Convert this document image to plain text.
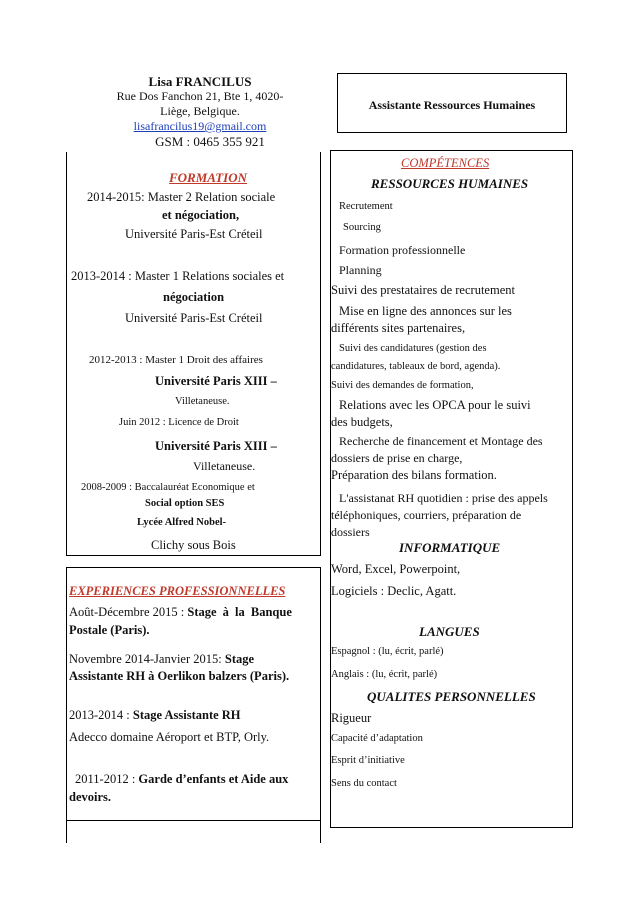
Lisa FRANCILUS
Rue Dos Fanchon 21, Bte 1, 4020-
Liège, Belgique.
lisafrancilus19@gmail.com
GSM : 0465 355 921
Assistante Ressources Humaines
FORMATION
2014-2015: Master 2 Relation sociale
et négociation,
Université Paris-Est Créteil
2013-2014 : Master 1 Relations sociales et
négociation
Université Paris-Est Créteil
2012-2013 : Master 1 Droit des affaires
Université Paris XIII –
Villetaneuse.
Juin 2012 : Licence de Droit
Université Paris XIII –
Villetaneuse.
2008-2009 : Baccalauréat Economique et
Social option SES
Lycée Alfred Nobel-
Clichy sous Bois
EXPERIENCES PROFESSIONNELLES
Août-Décembre 2015 : Stage à la Banque
Postale (Paris).
Novembre 2014-Janvier 2015: Stage
Assistante RH à Oerlikon balzers (Paris).
2013-2014 : Stage Assistante RH
Adecco domaine Aéroport et BTP, Orly.
2011-2012 : Garde d’enfants et Aide aux
devoirs.
COMPÉTENCES
RESSOURCES HUMAINES
Recrutement
Sourcing
Formation professionnelle
Planning
Suivi des prestataires de recrutement
Mise en ligne des annonces sur les
différents sites partenaires,
Suivi des candidatures (gestion des
candidatures, tableaux de bord, agenda).
Suivi des demandes de formation,
Relations avec les OPCA pour le suivi
des budgets,
Recherche de financement et Montage des
dossiers de prise en charge,
Préparation des bilans formation.
L'assistanat RH quotidien : prise des appels
téléphoniques, courriers, préparation de
dossiers
INFORMATIQUE
Word, Excel, Powerpoint,
Logiciels : Declic, Agatt.
LANGUES
Espagnol : (lu, écrit, parlé)
Anglais : (lu, écrit, parlé)
QUALITES PERSONNELLES
Rigueur
Capacité d’adaptation
Esprit d’initiative
Sens du contact
